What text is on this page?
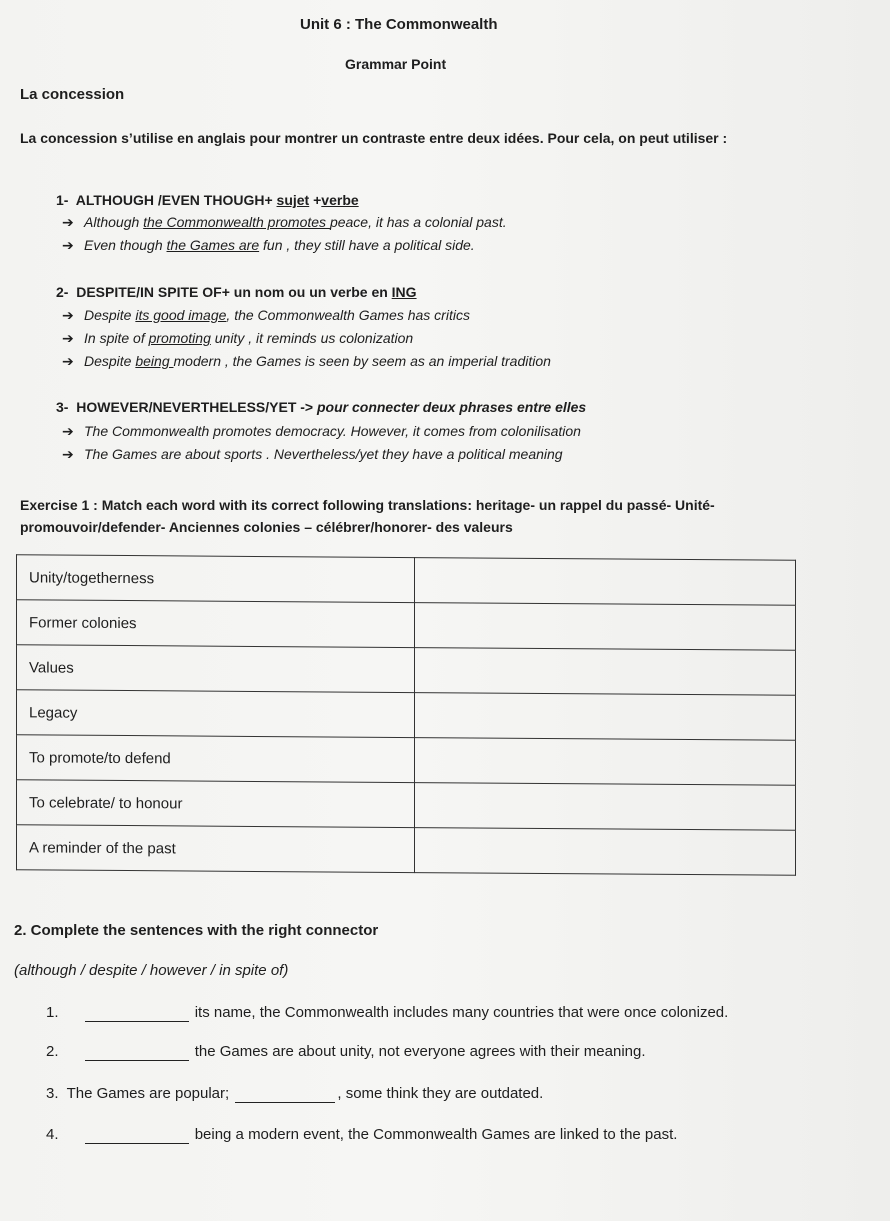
Unit 6 : The Commonwealth
Grammar Point
La concession
La concession s’utilise en anglais pour montrer un contraste entre deux idées. Pour cela, on peut utiliser :
1- ALTHOUGH /EVEN THOUGH+ sujet +verbe
➔ Although the Commonwealth promotes peace, it has a colonial past.
➔ Even though the Games are fun , they still have a political side.
2- DESPITE/IN SPITE OF+ un nom ou un verbe en ING
➔ Despite its good image, the Commonwealth Games has critics
➔ In spite of promoting unity , it reminds us colonization
➔ Despite being modern , the Games is seen by seem as an imperial tradition
3- HOWEVER/NEVERTHELESS/YET -> pour connecter deux phrases entre elles
➔ The Commonwealth promotes democracy. However, it comes from colonilisation
➔ The Games are about sports . Nevertheless/yet they have a political meaning
Exercise 1 : Match each word with its correct following translations: heritage- un rappel du passé- Unité- promouvoir/defender- Anciennes colonies – célébrer/honorer- des valeurs
Unity/togetherness	
Former colonies	
Values	
Legacy	
To promote/to defend	
To celebrate/ to honour	
A reminder of the past	
2. Complete the sentences with the right connector
(although / despite / however / in spite of)
1.	its name, the Commonwealth includes many countries that were once colonized.
2.	the Games are about unity, not everyone agrees with their meaning.
3. The Games are popular;	, some think they are outdated.
4.	being a modern event, the Commonwealth Games are linked to the past.
